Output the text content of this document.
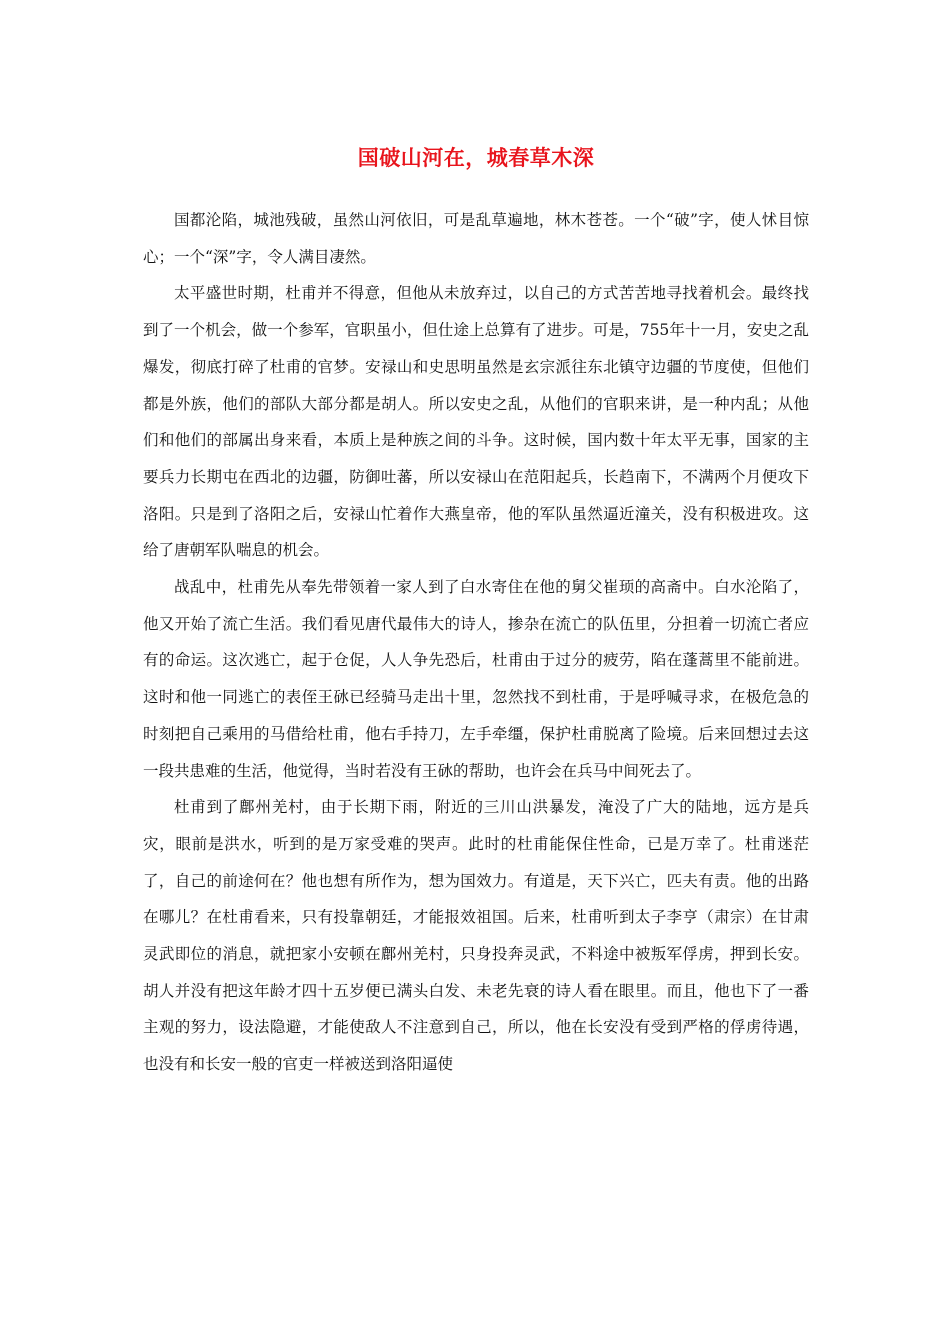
国破山河在，城春草木深

国都沦陷，城池残破，虽然山河依旧，可是乱草遍地，林木苍苍。一个“破”字，使人怵目惊心；一个“深”字，令人满目凄然。

太平盛世时期，杜甫并不得意，但他从未放弃过，以自己的方式苦苦地寻找着机会。最终找到了一个机会，做一个参军，官职虽小，但仕途上总算有了进步。可是，755年十一月，安史之乱爆发，彻底打碎了杜甫的官梦。安禄山和史思明虽然是玄宗派往东北镇守边疆的节度使，但他们都是外族，他们的部队大部分都是胡人。所以安史之乱，从他们的官职来讲，是一种内乱；从他们和他们的部属出身来看，本质上是种族之间的斗争。这时候，国内数十年太平无事，国家的主要兵力长期屯在西北的边疆，防御吐蕃，所以安禄山在范阳起兵，长趋南下，不满两个月便攻下洛阳。只是到了洛阳之后，安禄山忙着作大燕皇帝，他的军队虽然逼近潼关，没有积极进攻。这给了唐朝军队喘息的机会。

战乱中，杜甫先从奉先带领着一家人到了白水寄住在他的舅父崔顼的高斋中。白水沦陷了，他又开始了流亡生活。我们看见唐代最伟大的诗人，掺杂在流亡的队伍里，分担着一切流亡者应有的命运。这次逃亡，起于仓促，人人争先恐后，杜甫由于过分的疲劳，陷在蓬蒿里不能前进。这时和他一同逃亡的表侄王砅已经骑马走出十里，忽然找不到杜甫，于是呼喊寻求，在极危急的时刻把自己乘用的马借给杜甫，他右手持刀，左手牵缰，保护杜甫脱离了险境。后来回想过去这一段共患难的生活，他觉得，当时若没有王砅的帮助，也许会在兵马中间死去了。

杜甫到了鄜州羌村，由于长期下雨，附近的三川山洪暴发，淹没了广大的陆地，远方是兵灾，眼前是洪水，听到的是万家受难的哭声。此时的杜甫能保住性命，已是万幸了。杜甫迷茫了，自己的前途何在？他也想有所作为，想为国效力。有道是，天下兴亡，匹夫有责。他的出路在哪儿？在杜甫看来，只有投靠朝廷，才能报效祖国。后来，杜甫听到太子李亨（肃宗）在甘肃灵武即位的消息，就把家小安顿在鄜州羌村，只身投奔灵武，不料途中被叛军俘虏，押到长安。胡人并没有把这年龄才四十五岁便已满头白发、未老先衰的诗人看在眼里。而且，他也下了一番主观的努力，设法隐避，才能使敌人不注意到自己，所以，他在长安没有受到严格的俘虏待遇，也没有和长安一般的官吏一样被送到洛阳逼使
